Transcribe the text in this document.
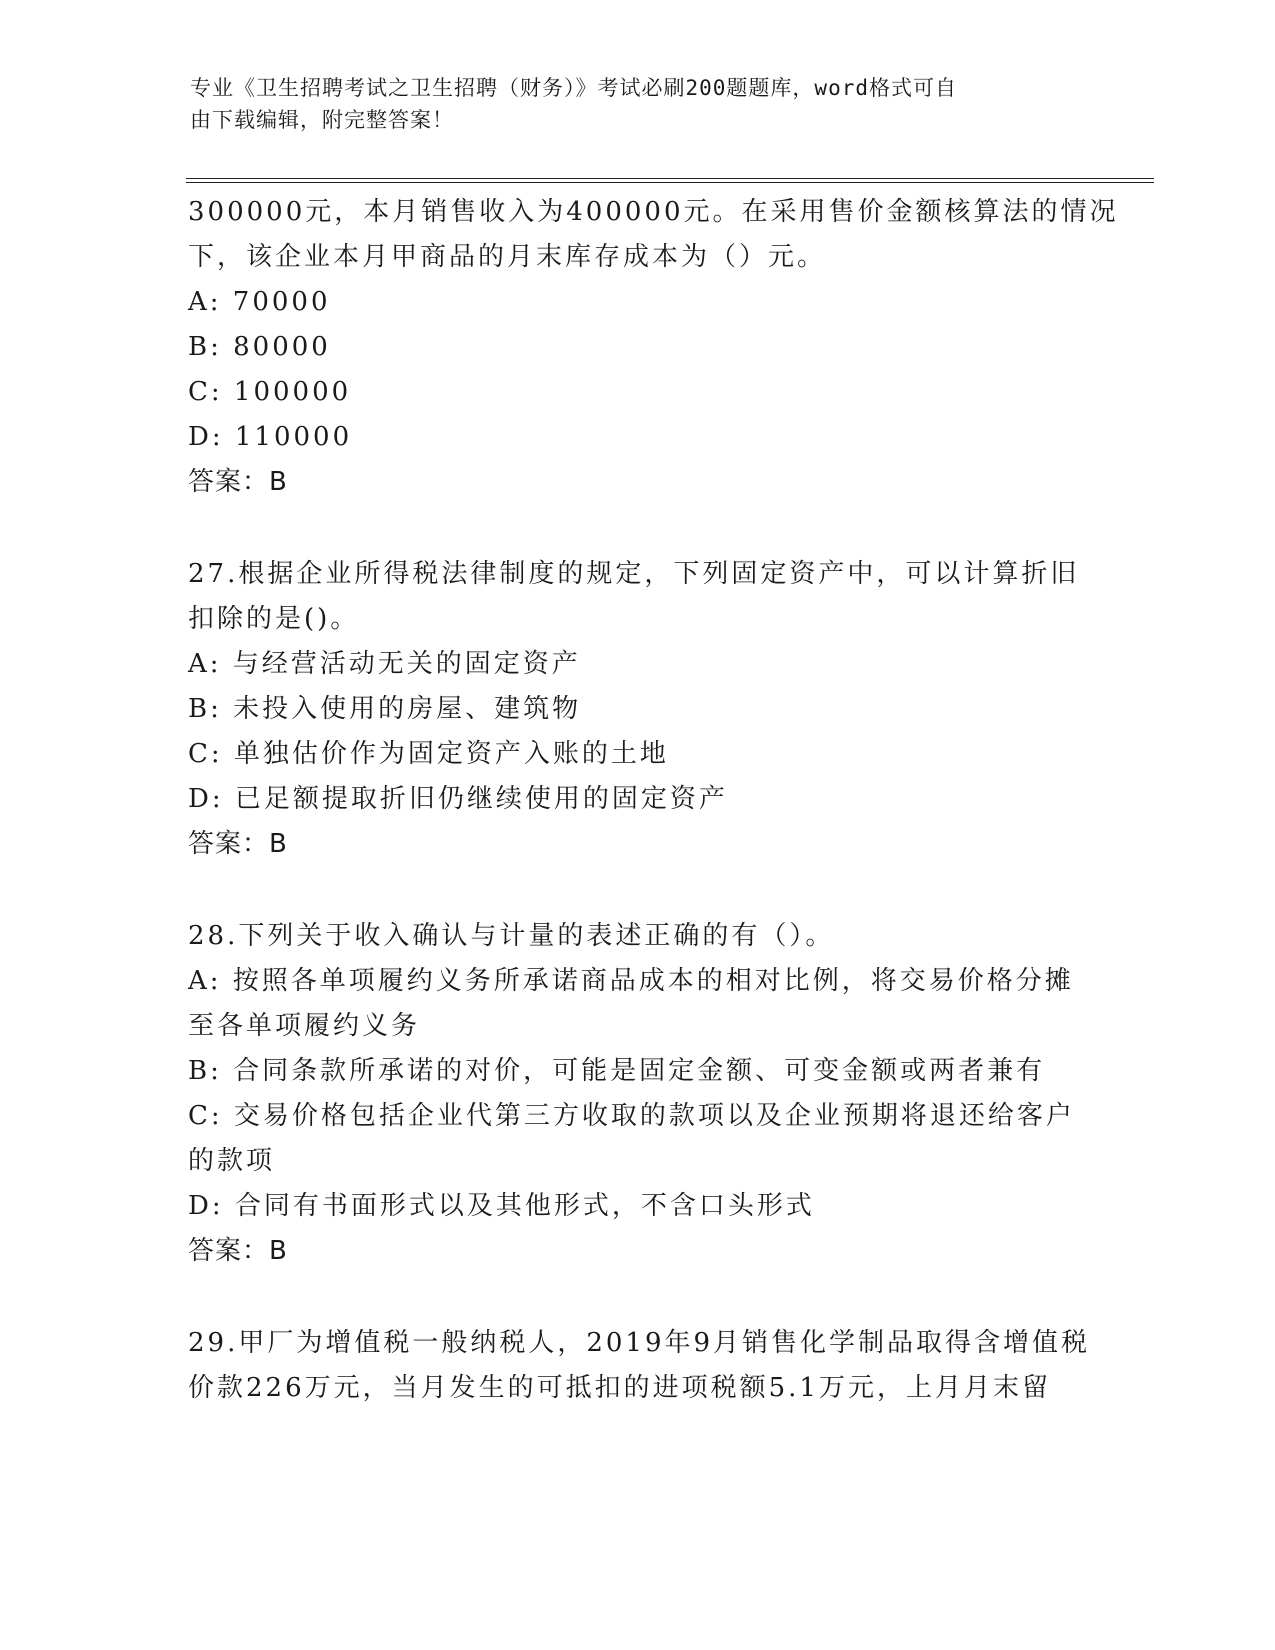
专业《卫生招聘考试之卫生招聘（财务）》考试必刷200题题库，word格式可自
由下载编辑，附完整答案！
300000元，本月销售收入为400000元。在采用售价金额核算法的情况
下，该企业本月甲商品的月末库存成本为（）元。
A: 70000
B: 80000
C: 100000
D: 110000
答案：B
27.根据企业所得税法律制度的规定，下列固定资产中，可以计算折旧
扣除的是()。
A: 与经营活动无关的固定资产
B: 未投入使用的房屋、建筑物
C: 单独估价作为固定资产入账的土地
D: 已足额提取折旧仍继续使用的固定资产
答案：B
28.下列关于收入确认与计量的表述正确的有（）。
A: 按照各单项履约义务所承诺商品成本的相对比例，将交易价格分摊
至各单项履约义务
B: 合同条款所承诺的对价，可能是固定金额、可变金额或两者兼有
C: 交易价格包括企业代第三方收取的款项以及企业预期将退还给客户
的款项
D: 合同有书面形式以及其他形式，不含口头形式
答案：B
29.甲厂为增值税一般纳税人，2019年9月销售化学制品取得含增值税
价款226万元，当月发生的可抵扣的进项税额5.1万元，上月月末留
